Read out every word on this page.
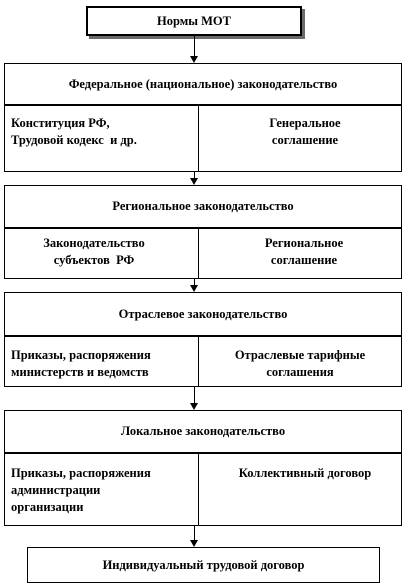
Нормы МОТ
Федеральное (национальное) законодательство
Конституция РФ,
Трудовой кодекс  и др.
Генеральное
соглашение
Региональное законодательство
Законодательство
субъектов  РФ
Региональное
соглашение
Отраслевое законодательство
Приказы, распоряжения
министерств и ведомств
Отраслевые тарифные
соглашения
Локальное законодательство
Приказы, распоряжения
администрации
организации
Коллективный договор
Индивидуальный трудовой договор
